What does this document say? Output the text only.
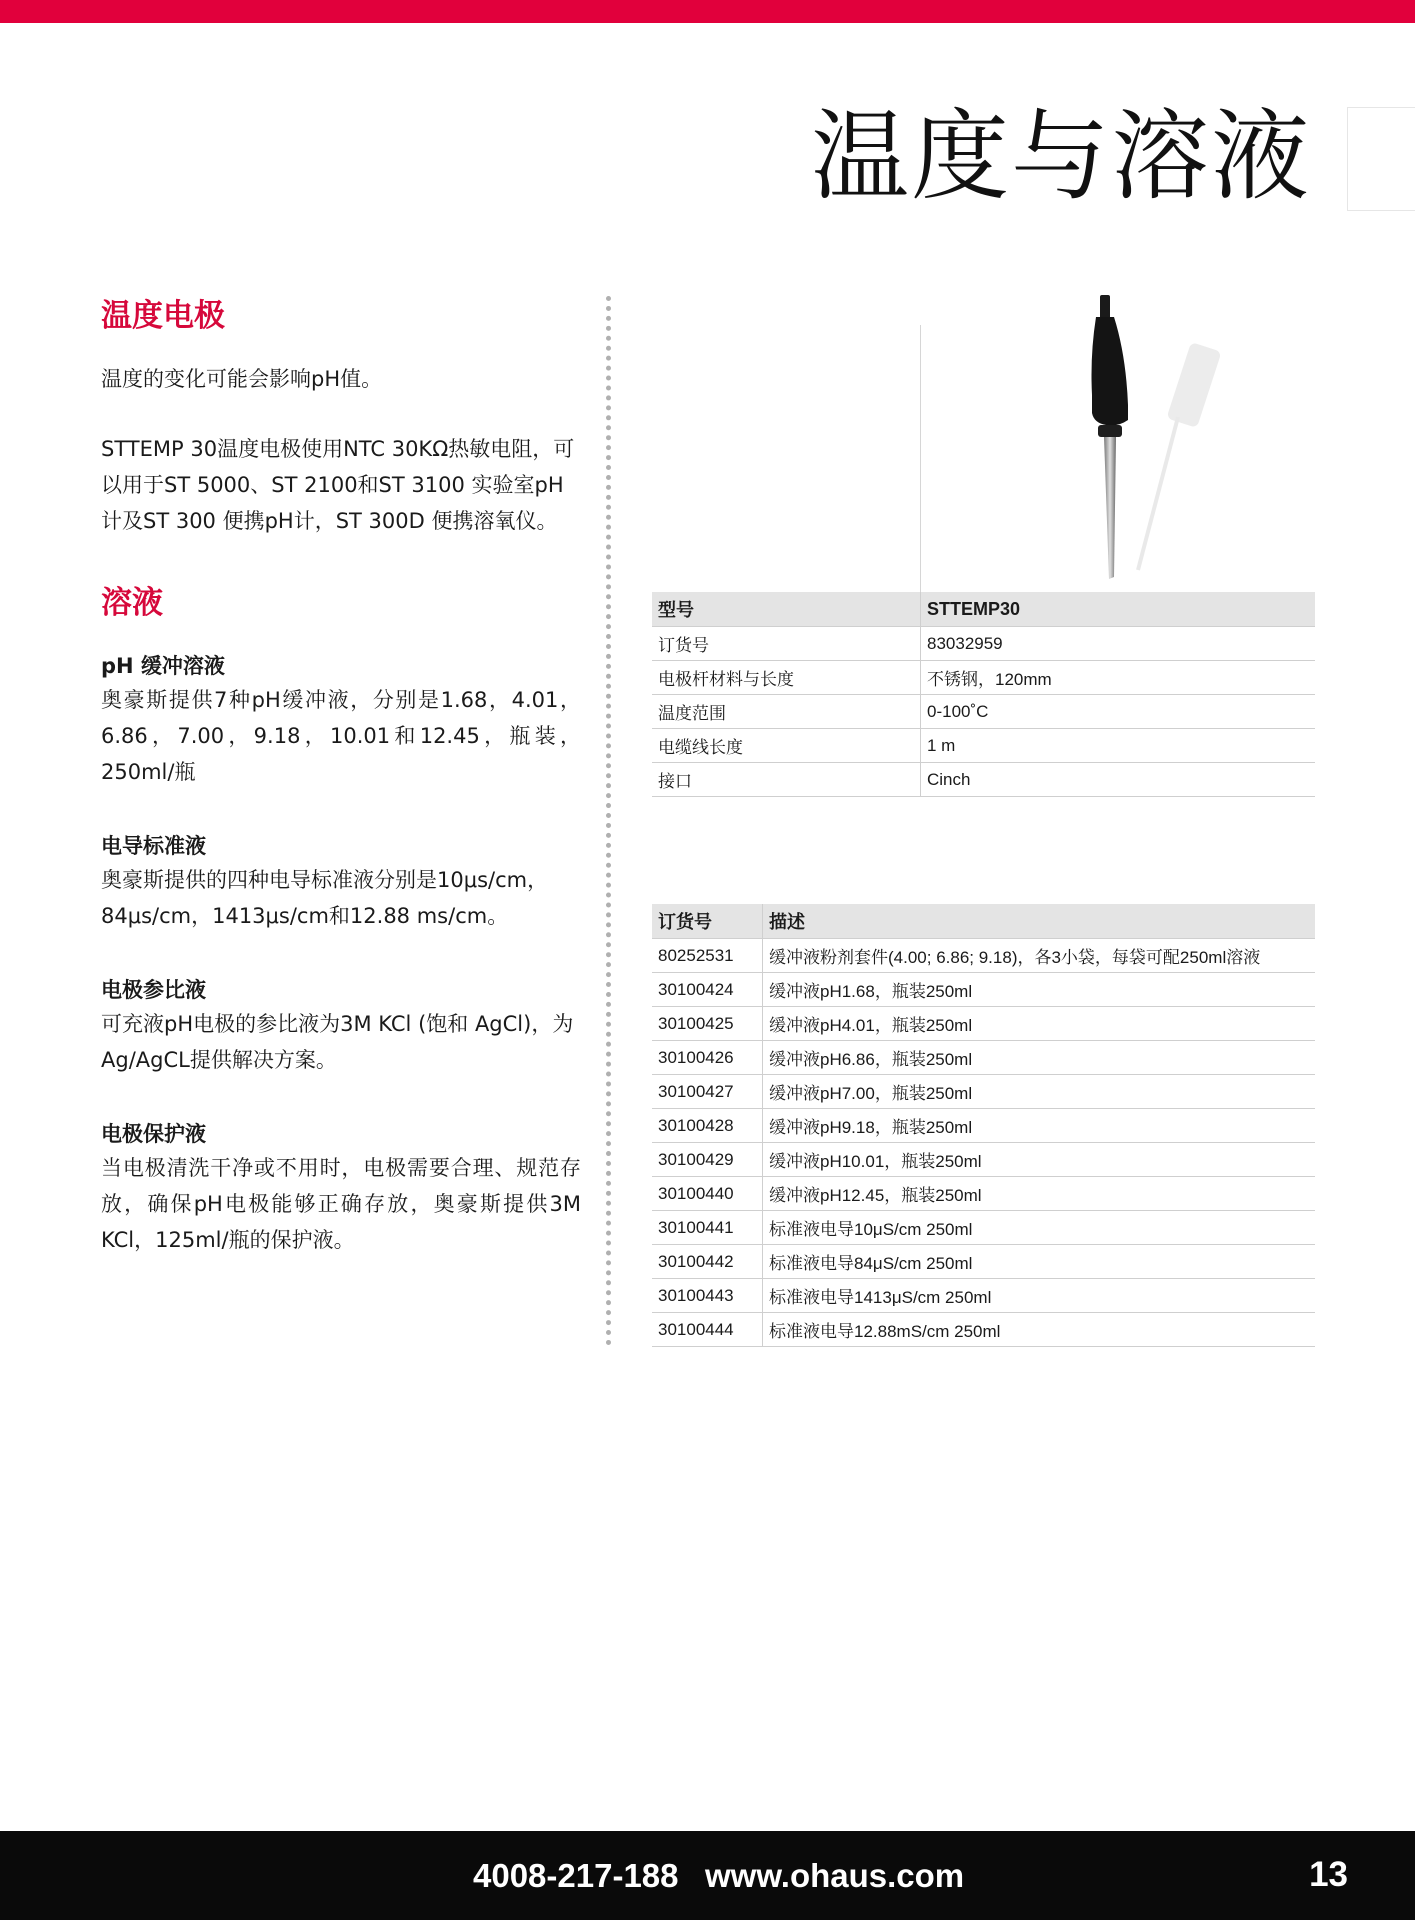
温度与溶液
温度电极

温度的变化可能会影响pH值。

STTEMP 30温度电极使用NTC 30KΩ热敏电阻，可以用于ST 5000、ST 2100和ST 3100 实验室pH计及ST 300 便携pH计，ST 300D 便携溶氧仪。

溶液

pH 缓冲溶液

奥豪斯提供7种pH缓冲液，分别是1.68，4.01，6.86，7.00，9.18，10.01和12.45，瓶装，250ml/瓶

电导标准液

奥豪斯提供的四种电导标准液分别是10μs/cm，84μs/cm，1413μs/cm和12.88 ms/cm。

电极参比液

可充液pH电极的参比液为3M KCl (饱和 AgCl)，为Ag/AgCL提供解决方案。

电极保护液

当电极清洗干净或不用时，电极需要合理、规范存放，确保pH电极能够正确存放，奥豪斯提供3M KCl，125ml/瓶的保护液。

型号	STTEMP30
订货号	83032959
电极杆材料与长度	不锈钢，120mm
温度范围	0-100˚C
电缆线长度	1 m
接口	Cinch
订货号	描述
80252531	缓冲液粉剂套件(4.00; 6.86; 9.18)，各3小袋，每袋可配250ml溶液
30100424	缓冲液pH1.68，瓶装250ml
30100425	缓冲液pH4.01，瓶装250ml
30100426	缓冲液pH6.86，瓶装250ml
30100427	缓冲液pH7.00，瓶装250ml
30100428	缓冲液pH9.18，瓶装250ml
30100429	缓冲液pH10.01，瓶装250ml
30100440	缓冲液pH12.45，瓶装250ml
30100441	标准液电导10μS/cm 250ml
30100442	标准液电导84μS/cm 250ml
30100443	标准液电导1413μS/cm 250ml
30100444	标准液电导12.88mS/cm 250ml
4008-217-188 www.ohaus.com	13
